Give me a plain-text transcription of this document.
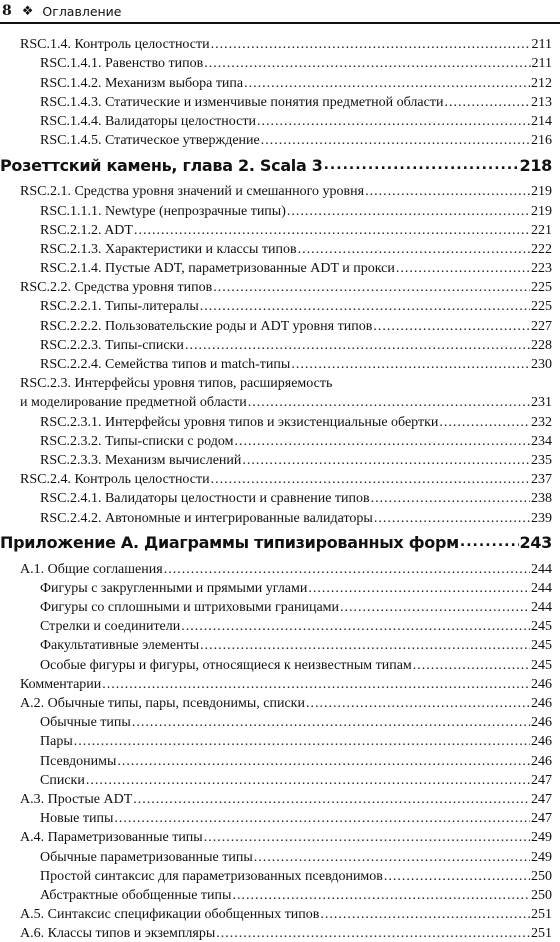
8 ❖ Оглавление
RSC.1.4. Контроль целостности .....	211
RSC.1.4.1. Равенство типов .....	211
RSC.1.4.2. Механизм выбора типа .....	212
RSC.1.4.3. Статические и изменчивые понятия предметной области .....	213
RSC.1.4.4. Валидаторы целостности .....	214
RSC.1.4.5. Статическое утверждение .....	216
Розеттский камень, глава 2. Scala 3 .....	218
RSC.2.1. Средства уровня значений и смешанного уровня .....	219
RSC.1.1.1. Newtype (непрозрачные типы) .....	219
RSC.2.1.2. ADT .....	221
RSC.2.1.3. Характеристики и классы типов .....	222
RSC.2.1.4. Пустые ADT, параметризованные ADT и прокси .....	223
RSC.2.2. Средства уровня типов .....	225
RSC.2.2.1. Типы-литералы .....	225
RSC.2.2.2. Пользовательские роды и ADT уровня типов .....	227
RSC.2.2.3. Типы-списки .....	228
RSC.2.2.4. Семейства типов и match-типы .....	230
RSC.2.3. Интерфейсы уровня типов, расширяемость
и моделирование предметной области .....	231
RSC.2.3.1. Интерфейсы уровня типов и экзистенциальные обертки .....	232
RSC.2.3.2. Типы-списки с родом .....	234
RSC.2.3.3. Механизм вычислений .....	235
RSC.2.4. Контроль целостности .....	237
RSC.2.4.1. Валидаторы целостности и сравнение типов .....	238
RSC.2.4.2. Автономные и интегрированные валидаторы .....	239
Приложение А. Диаграммы типизированных форм .....	243
А.1. Общие соглашения .....	244
Фигуры с закругленными и прямыми углами .....	244
Фигуры со сплошными и штриховыми границами .....	244
Стрелки и соединители .....	245
Факультативные элементы .....	245
Особые фигуры и фигуры, относящиеся к неизвестным типам .....	245
Комментарии .....	246
А.2. Обычные типы, пары, псевдонимы, списки .....	246
Обычные типы .....	246
Пары .....	246
Псевдонимы .....	246
Списки .....	247
А.3. Простые ADT .....	247
Новые типы .....	247
А.4. Параметризованные типы .....	249
Обычные параметризованные типы .....	249
Простой синтаксис для параметризованных псевдонимов .....	250
Абстрактные обобщенные типы .....	250
А.5. Синтаксис спецификации обобщенных типов .....	251
А.6. Классы типов и экземпляры .....	251
